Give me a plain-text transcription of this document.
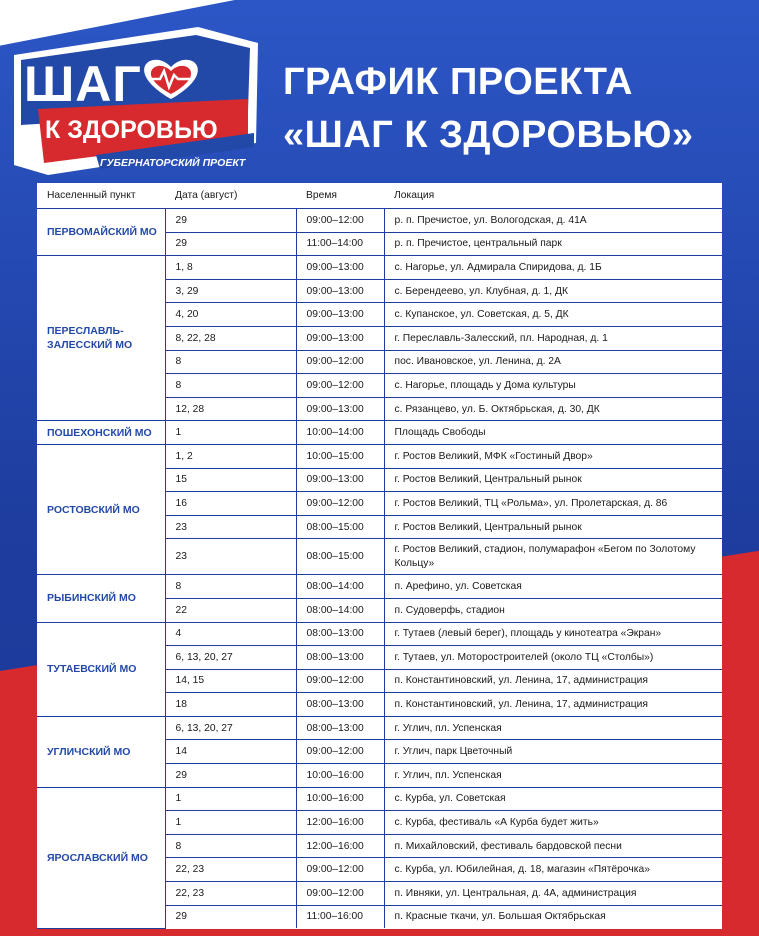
ШАГ

К ЗДОРОВЬЮ

ГУБЕРНАТОРСКИЙ ПРОЕКТ

ГРАФИК ПРОЕКТА
«ШАГ К ЗДОРОВЬЮ»
Населенный пункт	Дата (август)	Время	Локация
ПЕРВОМАЙСКИЙ МО	29	09:00–12:00	р. п. Пречистое, ул. Вологодская, д. 41А
	29	11:00–14:00	р. п. Пречистое, центральный парк
ПЕРЕСЛАВЛЬ-ЗАЛЕССКИЙ МО	1, 8	09:00–13:00	с. Нагорье, ул. Адмирала Спиридова, д. 1Б
	3, 29	09:00–13:00	с. Берендеево, ул. Клубная, д. 1, ДК
	4, 20	09:00–13:00	с. Купанское, ул. Советская, д. 5, ДК
	8, 22, 28	09:00–13:00	г. Переславль-Залесский, пл. Народная, д. 1
	8	09:00–12:00	пос. Ивановское, ул. Ленина, д. 2А
	8	09:00–12:00	с. Нагорье, площадь у Дома культуры
	12, 28	09:00–13:00	с. Рязанцево, ул. Б. Октябрьская, д. 30, ДК
ПОШЕХОНСКИЙ МО	1	10:00–14:00	Площадь Свободы
РОСТОВСКИЙ МО	1, 2	10:00–15:00	г. Ростов Великий, МФК «Гостиный Двор»
	15	09:00–13:00	г. Ростов Великий, Центральный рынок
	16	09:00–12:00	г. Ростов Великий, ТЦ «Рольма», ул. Пролетарская, д. 86
	23	08:00–15:00	г. Ростов Великий, Центральный рынок
	23	08:00–15:00	г. Ростов Великий, стадион, полумарафон «Бегом по Золотому Кольцу»
РЫБИНСКИЙ МО	8	08:00–14:00	п. Арефино, ул. Советская
	22	08:00–14:00	п. Судоверфь, стадион
ТУТАЕВСКИЙ МО	4	08:00–13:00	г. Тутаев (левый берег), площадь у кинотеатра «Экран»
	6, 13, 20, 27	08:00–13:00	г. Тутаев, ул. Моторостроителей (около ТЦ «Столбы»)
	14, 15	09:00–12:00	п. Константиновский, ул. Ленина, 17, администрация
	18	08:00–13:00	п. Константиновский, ул. Ленина, 17, администрация
УГЛИЧСКИЙ МО	6, 13, 20, 27	08:00–13:00	г. Углич, пл. Успенская
	14	09:00–12:00	г. Углич, парк Цветочный
	29	10:00–16:00	г. Углич, пл. Успенская
ЯРОСЛАВСКИЙ МО	1	10:00–16:00	с. Курба, ул. Советская
	1	12:00–16:00	с. Курба, фестиваль «А Курба будет жить»
	8	12:00–16:00	п. Михайловский, фестиваль бардовской песни
	22, 23	09:00–12:00	с. Курба, ул. Юбилейная, д. 18, магазин «Пятёрочка»
	22, 23	09:00–12:00	п. Ивняки, ул. Центральная, д. 4А, администрация
	29	11:00–16:00	п. Красные ткачи, ул. Большая Октябрьская
